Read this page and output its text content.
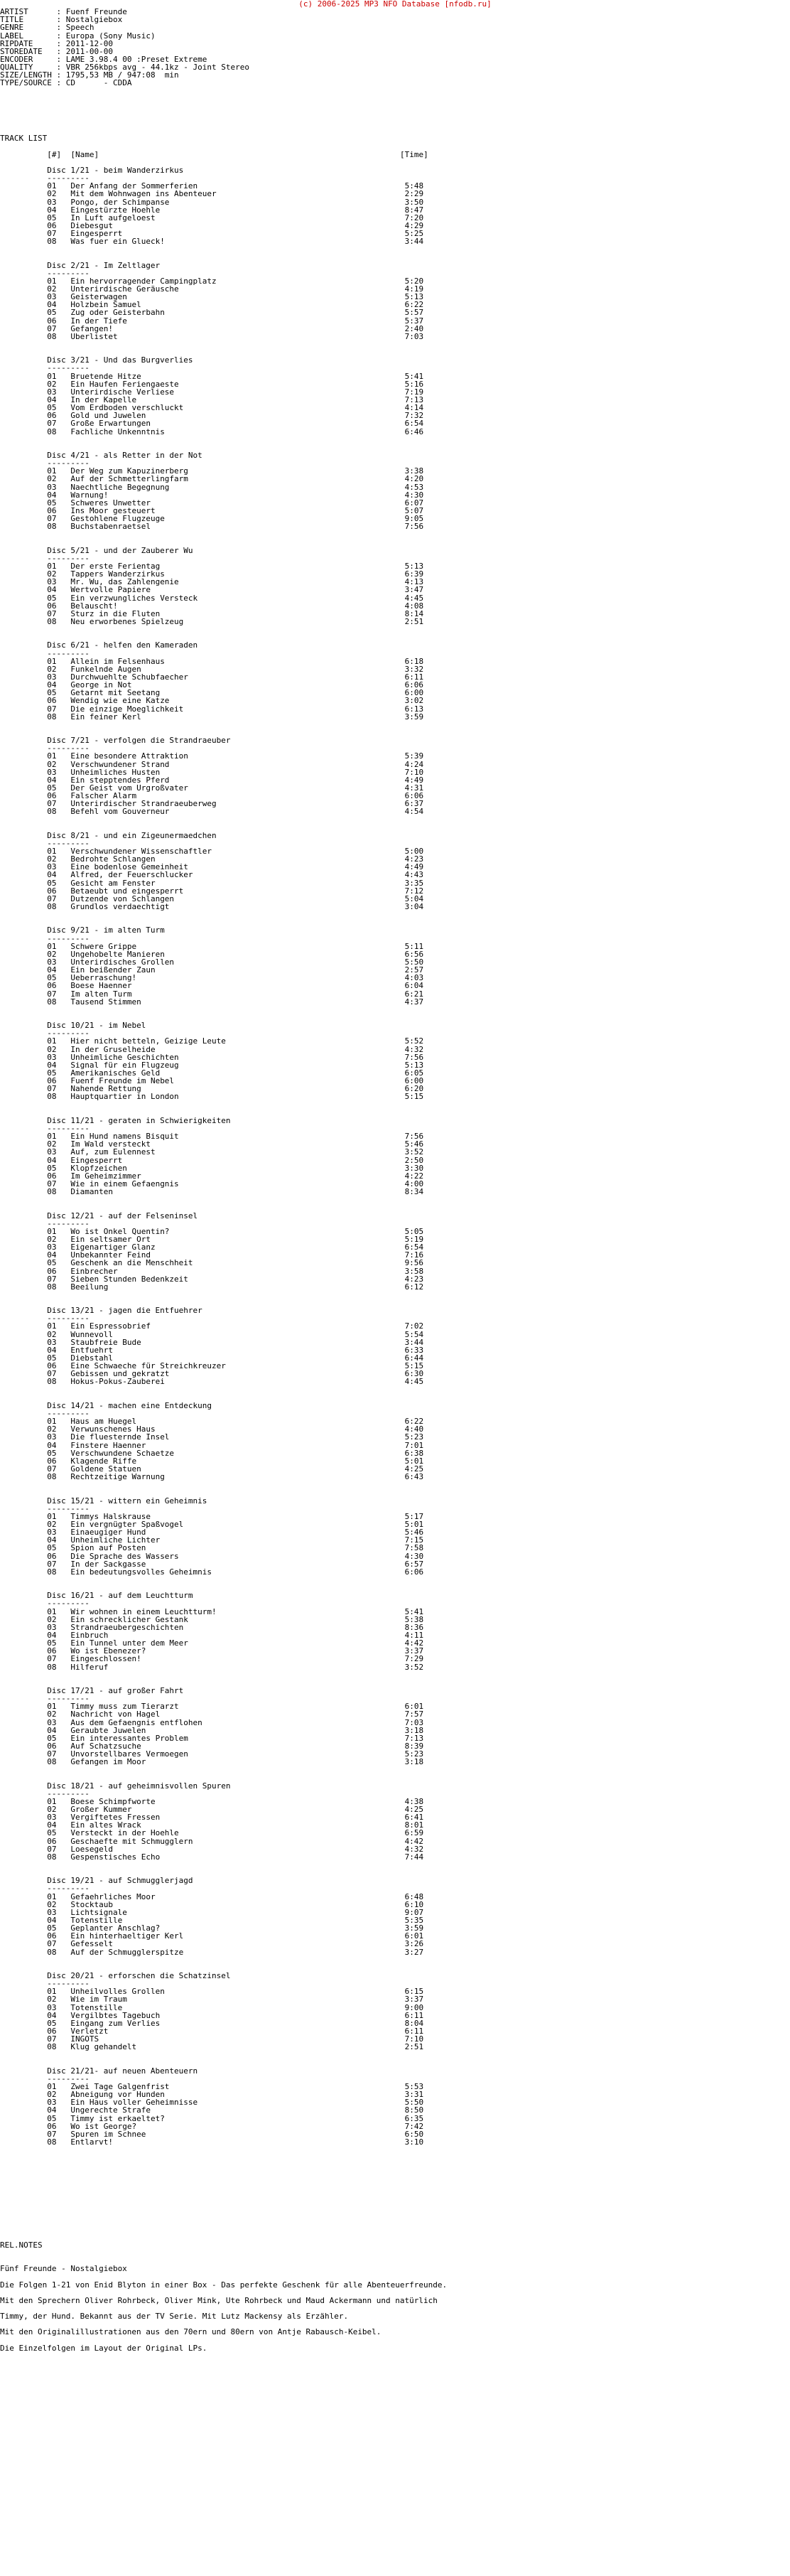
(c) 2006-2025 MP3 NFO Database [nfodb.ru]
ARTIST	: Fuenf Freunde
TITLE	: Nostalgiebox
GENRE	: Speech
LABEL	: Europa (Sony Music)
RIPDATE	: 2011-12-00
STOREDATE : 2011-00-00
ENCODER	: LAME 3.98.4 00 :Preset Extreme
QUALITY	: VBR 256kbps avg - 44.1kz - Joint Stereo
SIZE/LENGTH : 1795,53 MB / 947:08  min
TYPE/SOURCE : CD      - CDDA

TRACK LIST

[#] [Name]	[Time]

Disc 1/21 - beim Wanderzirkus
---------
01 Der Anfang der Sommerferien	5:48
02 Mit dem Wohnwagen ins Abenteuer	2:29
03 Pongo, der Schimpanse	3:50
04 Eingestürzte Hoehle	8:47
05 In Luft aufgeloest	7:20
06 Diebesgut	4:29
07 Eingesperrt	5:25
08 Was fuer ein Glueck!	3:44

Disc 2/21 - Im Zeltlager
---------
01 Ein hervorragender Campingplatz	5:20
02 Unterirdische Geräusche	4:19
03 Geisterwagen	5:13
04 Holzbein Samuel	6:22
05 Zug oder Geisterbahn	5:57
06 In der Tiefe	5:37
07 Gefangen!	2:40
08 Überlistet	7:03

Disc 3/21 - Und das Burgverlies
---------
01 Bruetende Hitze	5:41
02 Ein Haufen Feriengaeste	5:16
03 Unterirdische Verliese	7:19
04 In der Kapelle	7:13
05 Vom Erdboden verschluckt	4:14
06 Gold und Juwelen	7:32
07 Große Erwartungen	6:54
08 Fachliche Unkenntnis	6:46

Disc 4/21 - als Retter in der Not
---------
01 Der Weg zum Kapuzinerberg	3:38
02 Auf der Schmetterlingfarm	4:20
03 Naechtliche Begegnung	4:53
04 Warnung!	4:30
05 Schweres Unwetter	6:07
06 Ins Moor gesteuert	5:07
07 Gestohlene Flugzeuge	9:05
08 Buchstabenraetsel	7:56

Disc 5/21 - und der Zauberer Wu
---------
01 Der erste Ferientag	5:13
02 Tappers Wanderzirkus	6:39
03 Mr. Wu, das Zahlengenie	4:13
04 Wertvolle Papiere	3:47
05 Ein verzwungliches Versteck	4:45
06 Belauscht!	4:08
07 Sturz in die Fluten	8:14
08 Neu erworbenes Spielzeug	2:51

Disc 6/21 - helfen den Kameraden
---------
01 Allein im Felsenhaus	6:18
02 Funkelnde Augen	3:32
03 Durchwuehlte Schubfaecher	6:11
04 George in Not	6:06
05 Getarnt mit Seetang	6:00
06 Wendig wie eine Katze	3:02
07 Die einzige Moeglichkeit	6:13
08 Ein feiner Kerl	3:59

Disc 7/21 - verfolgen die Strandraeuber
---------
01 Eine besondere Attraktion	5:39
02 Verschwundener Strand	4:24
03 Unheimliches Husten	7:10
04 Ein stepptendes Pferd	4:49
05 Der Geist vom Urgroßvater	4:31
06 Falscher Alarm	6:06
07 Unterirdischer Strandraeuberweg	6:37
08 Befehl vom Gouverneur	4:54

Disc 8/21 - und ein Zigeunermaedchen
---------
01 Verschwundener Wissenschaftler	5:00
02 Bedrohte Schlangen	4:23
03 Eine bodenlose Gemeinheit	4:49
04 Alfred, der Feuerschlucker	4:43
05 Gesicht am Fenster	3:35
06 Betaeubt und eingesperrt	7:12
07 Dutzende von Schlangen	5:04
08 Grundlos verdaechtigt	3:04

Disc 9/21 - im alten Turm
---------
01 Schwere Grippe	5:11
02 Ungehobelte Manieren	6:56
03 Unterirdisches Grollen	5:50
04 Ein beißender Zaun	2:57
05 Ueberraschung!	4:03
06 Boese Haenner	6:04
07 Im alten Turm	6:21
08 Tausend Stimmen	4:37

Disc 10/21 - im Nebel
---------
01 Hier nicht betteln, Geizige Leute	5:52
02 In der Gruselheide	4:32
03 Unheimliche Geschichten	7:56
04 Signal für ein Flugzeug	5:13
05 Amerikanisches Geld	6:05
06 Fuenf Freunde im Nebel	6:00
07 Nahende Rettung	6:20
08 Hauptquartier in London	5:15

Disc 11/21 - geraten in Schwierigkeiten
---------
01 Ein Hund namens Bisquit	7:56
02 Im Wald versteckt	5:46
03 Auf, zum Eulennest	3:52
04 Eingesperrt	2:50
05 Klopfzeichen	3:30
06 Im Geheimzimmer	4:22
07 Wie in einem Gefaengnis	4:00
08 Diamanten	8:34

Disc 12/21 - auf der Felseninsel
---------
01 Wo ist Onkel Quentin?	5:05
02 Ein seltsamer Ort	5:19
03 Eigenartiger Glanz	6:54
04 Unbekannter Feind	7:16
05 Geschenk an die Menschheit	9:56
06 Einbrecher	3:58
07 Sieben Stunden Bedenkzeit	4:23
08 Beeilung	6:12

Disc 13/21 - jagen die Entfuehrer
---------
01 Ein Espressobrief	7:02
02 Wunnevoll	5:54
03 Staubfreie Bude	3:44
04 Entfuehrt	6:33
05 Diebstahl	6:44
06 Eine Schwaeche für Streichkreuzer	5:15
07 Gebissen und gekratzt	6:30
08 Hokus-Pokus-Zauberei	4:45

Disc 14/21 - machen eine Entdeckung
---------
01 Haus am Huegel	6:22
02 Verwunschenes Haus	4:40
03 Die fluesternde Insel	5:23
04 Finstere Haenner	7:01
05 Verschwundene Schaetze	6:38
06 Klagende Riffe	5:01
07 Goldene Statuen	4:25
08 Rechtzeitige Warnung	6:43

Disc 15/21 - wittern ein Geheimnis
---------
01 Timmys Halskrause	5:17
02 Ein vergnügter Spaßvogel	5:01
03 Einaeugiger Hund	5:46
04 Unheimliche Lichter	7:15
05 Spion auf Posten	7:58
06 Die Sprache des Wassers	4:30
07 In der Sackgasse	6:57
08 Ein bedeutungsvolles Geheimnis	6:06

Disc 16/21 - auf dem Leuchtturm
---------
01 Wir wohnen in einem Leuchtturm!	5:41
02 Ein schrecklicher Gestank	5:38
03 Strandraeubergeschichten	8:36
04 Einbruch	4:11
05 Ein Tunnel unter dem Meer	4:42
06 Wo ist Ebenezer?	3:37
07 Eingeschlossen!	7:29
08 Hilferuf	3:52

Disc 17/21 - auf großer Fahrt
---------
01 Timmy muss zum Tierarzt	6:01
02 Nachricht von Hagel	7:57
03 Aus dem Gefaengnis entflohen	7:03
04 Geraubte Juwelen	3:18
05 Ein interessantes Problem	7:13
06 Auf Schatzsuche	8:39
07 Unvorstellbares Vermoegen	5:23
08 Gefangen im Moor	3:18

Disc 18/21 - auf geheimnisvollen Spuren
---------
01 Boese Schimpfworte	4:38
02 Großer Kummer	4:25
03 Vergiftetes Fressen	6:41
04 Ein altes Wrack	8:01
05 Versteckt in der Hoehle	6:59
06 Geschaefte mit Schmugglern	4:42
07 Loesegeld	4:32
08 Gespenstisches Echo	7:44

Disc 19/21 - auf Schmugglerjagd
---------
01 Gefaehrliches Moor	6:48
02 Stocktaub	6:10
03 Lichtsignale	9:07
04 Totenstille	5:35
05 Geplanter Anschlag?	3:59
06 Ein hinterhaeltiger Kerl	6:01
07 Gefesselt	3:26
08 Auf der Schmugglerspitze	3:27

Disc 20/21 - erforschen die Schatzinsel
---------
01 Unheilvolles Grollen	6:15
02 Wie im Traum	3:37
03 Totenstille	9:00
04 Vergilbtes Tagebuch	6:11
05 Eingang zum Verlies	8:04
06 Verletzt	6:11
07 INGOTS	7:10
08 Klug gehandelt	2:51

Disc 21/21- auf neuen Abenteuern
---------
01 Zwei Tage Galgenfrist	5:53
02 Abneigung vor Hunden	3:31
03 Ein Haus voller Geheimnisse	5:50
04 Ungerechte Strafe	8:50
05 Timmy ist erkaeltet?	6:35
06 Wo ist George?	7:42
07 Spuren im Schnee	6:50
08 Entlarvt!	3:10

REL.NOTES

Fünf Freunde - Nostalgiebox

Die Folgen 1-21 von Enid Blyton in einer Box - Das perfekte Geschenk für alle Abenteuerfreunde.

Mit den Sprechern Oliver Rohrbeck, Oliver Mink, Ute Rohrbeck und Maud Ackermann und natürlich

Timmy, der Hund. Bekannt aus der TV Serie. Mit Lutz Mackensy als Erzähler.

Mit den Originalillustrationen aus den 70ern und 80ern von Antje Rabausch-Keibel.

Die Einzelfolgen im Layout der Original LPs.
